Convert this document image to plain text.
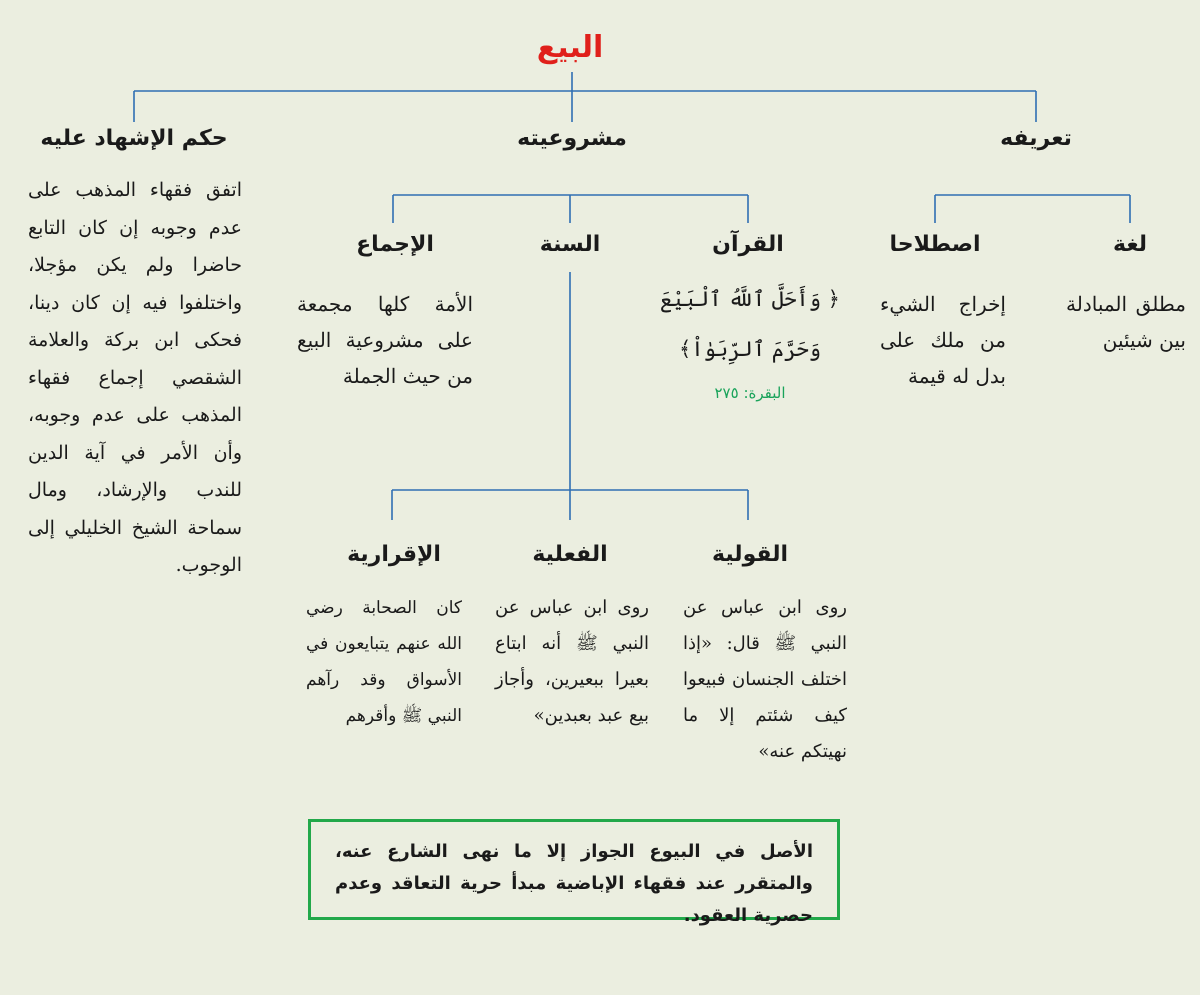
البيع
تعريفه
مشروعيته
حكم الإشهاد عليه
اتفق فقهاء المذهب على عدم وجوبه إن كان التابع حاضرا ولم يكن مؤجلا، واختلفوا فيه إن كان دينا، فحكى ابن بركة والعلامة الشقصي إجماع فقهاء المذهب على عدم وجوبه، وأن الأمر في آية الدين للندب والإرشاد، ومال سماحة الشيخ الخليلي إلى الوجوب.
لغة
مطلق المبادلة بين شيئين
اصطلاحا
إخراج الشيء من ملك على بدل له قيمة
القرآن
﴿ وَأَحَلَّ ٱللَّهُ ٱلْبَيْعَ
وَحَرَّمَ ٱلرِّبَوٰاْ﴾
البقرة: ٢٧٥
السنة
الإجماع
الأمة كلها مجمعة على مشروعية البيع من حيث الجملة
القولية
روى ابن عباس عن النبي ﷺ قال: «إذا اختلف الجنسان فبيعوا كيف شئتم إلا ما نهيتكم عنه»
الفعلية
روى ابن عباس عن النبي ﷺ أنه ابتاع بعيرا ببعيرين، وأجاز بيع عبد بعبدين»
الإقرارية
كان الصحابة رضي الله عنهم يتبايعون في الأسواق وقد رآهم النبي ﷺ وأقرهم
الأصل في البيوع الجواز إلا ما نهى الشارع عنه، والمتقرر عند فقهاء الإباضية مبدأ حرية التعاقد وعدم حصرية العقود.
